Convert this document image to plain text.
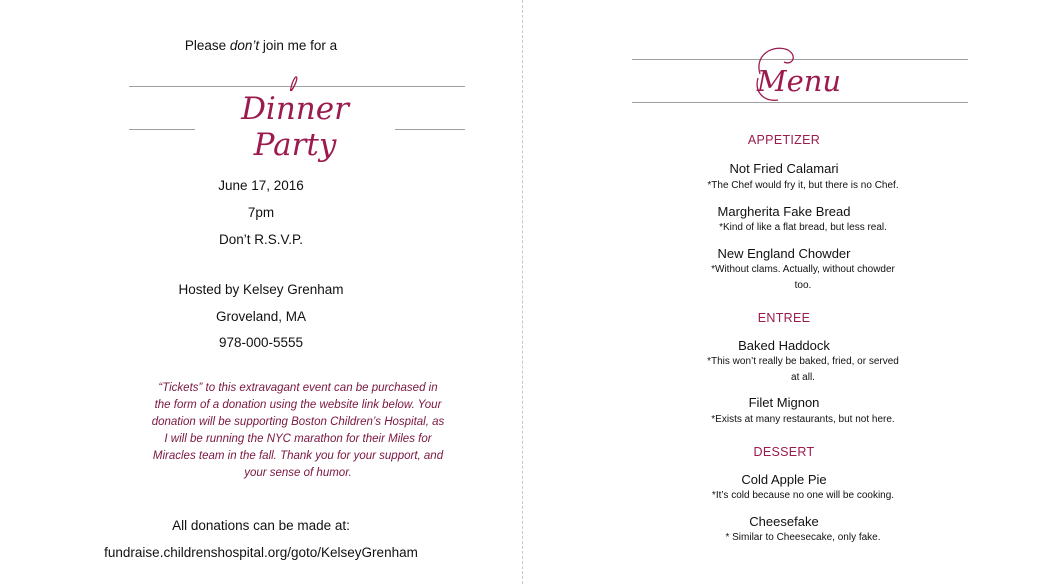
Please don’t join me for a
Dinner Party
June 17, 2016
7pm
Don’t R.S.V.P.
Hosted by Kelsey Grenham
Groveland, MA
978-000-5555
“Tickets” to this extravagant event can be purchased in
the form of a donation using the website link below. Your
donation will be supporting Boston Children’s Hospital, as
I will be running the NYC marathon for their Miles for
Miracles team in the fall. Thank you for your support, and
your sense of humor.
All donations can be made at:
fundraise.childrenshospital.org/goto/KelseyGrenham
Menu
APPETIZER
Not Fried Calamari
*The Chef would fry it, but there is no Chef.
Margherita Fake Bread
*Kind of like a flat bread, but less real.
New England Chowder
*Without clams. Actually, without chowder
too.
ENTREE
Baked Haddock
*This won’t really be baked, fried, or served
at all.
Filet Mignon
*Exists at many restaurants, but not here.
DESSERT
Cold Apple Pie
*It’s cold because no one will be cooking.
Cheesefake
* Similar to Cheesecake, only fake.
